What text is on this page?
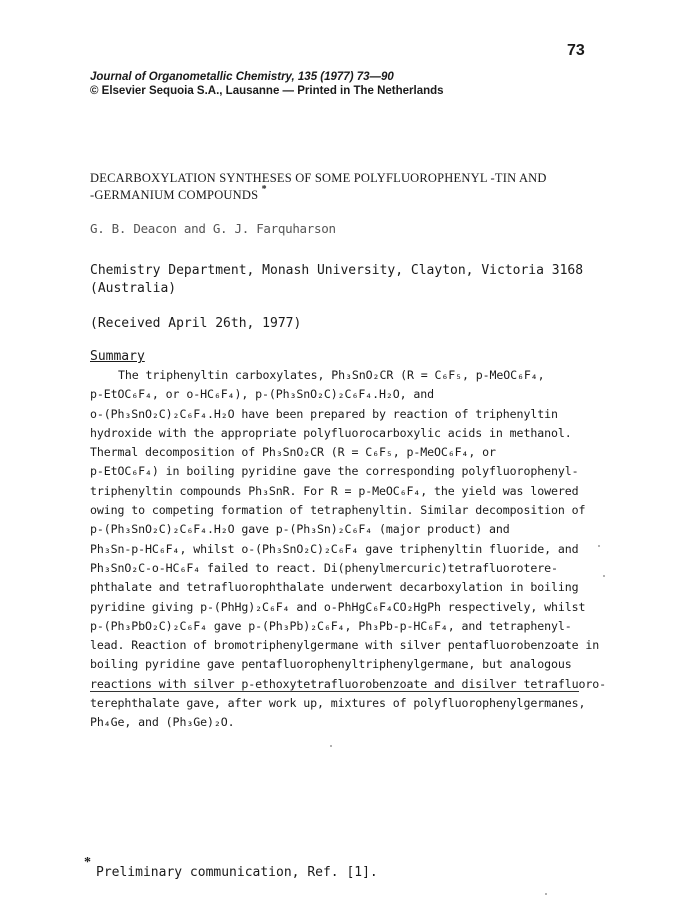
73
Journal of Organometallic Chemistry, 135 (1977) 73—90
© Elsevier Sequoia S.A., Lausanne — Printed in The Netherlands
DECARBOXYLATION SYNTHESES OF SOME POLYFLUOROPHENYL -TIN AND
-GERMANIUM COMPOUNDS *
G. B. Deacon and G. J. Farquharson
Chemistry Department, Monash University, Clayton, Victoria 3168
(Australia)
(Received April 26th, 1977)
Summary
The triphenyltin carboxylates, Ph₃SnO₂CR (R = C₆F₅, p-MeOC₆F₄,
p-EtOC₆F₄, or o-HC₆F₄), p-(Ph₃SnO₂C)₂C₆F₄.H₂O, and
o-(Ph₃SnO₂C)₂C₆F₄.H₂O have been prepared by reaction of triphenyltin
hydroxide with the appropriate polyfluorocarboxylic acids in methanol.
Thermal decomposition of Ph₃SnO₂CR (R = C₆F₅, p-MeOC₆F₄, or
p-EtOC₆F₄) in boiling pyridine gave the corresponding polyfluorophenyl-
triphenyltin compounds Ph₃SnR. For R = p-MeOC₆F₄, the yield was lowered
owing to competing formation of tetraphenyltin. Similar decomposition of
p-(Ph₃SnO₂C)₂C₆F₄.H₂O gave p-(Ph₃Sn)₂C₆F₄ (major product) and
Ph₃Sn-p-HC₆F₄, whilst o-(Ph₃SnO₂C)₂C₆F₄ gave triphenyltin fluoride, and
Ph₃SnO₂C-o-HC₆F₄ failed to react. Di(phenylmercuric)tetrafluorotere-
phthalate and tetrafluorophthalate underwent decarboxylation in boiling
pyridine giving p-(PhHg)₂C₆F₄ and o-PhHgC₆F₄CO₂HgPh respectively, whilst
p-(Ph₃PbO₂C)₂C₆F₄ gave p-(Ph₃Pb)₂C₆F₄, Ph₃Pb-p-HC₆F₄, and tetraphenyl-
lead. Reaction of bromotriphenylgermane with silver pentafluorobenzoate in
boiling pyridine gave pentafluorophenyltriphenylgermane, but analogous
reactions with silver p-ethoxytetrafluorobenzoate and disilver tetrafluoro-
terephthalate gave, after work up, mixtures of polyfluorophenylgermanes,
Ph₄Ge, and (Ph₃Ge)₂O.
*
Preliminary communication, Ref. [1].
